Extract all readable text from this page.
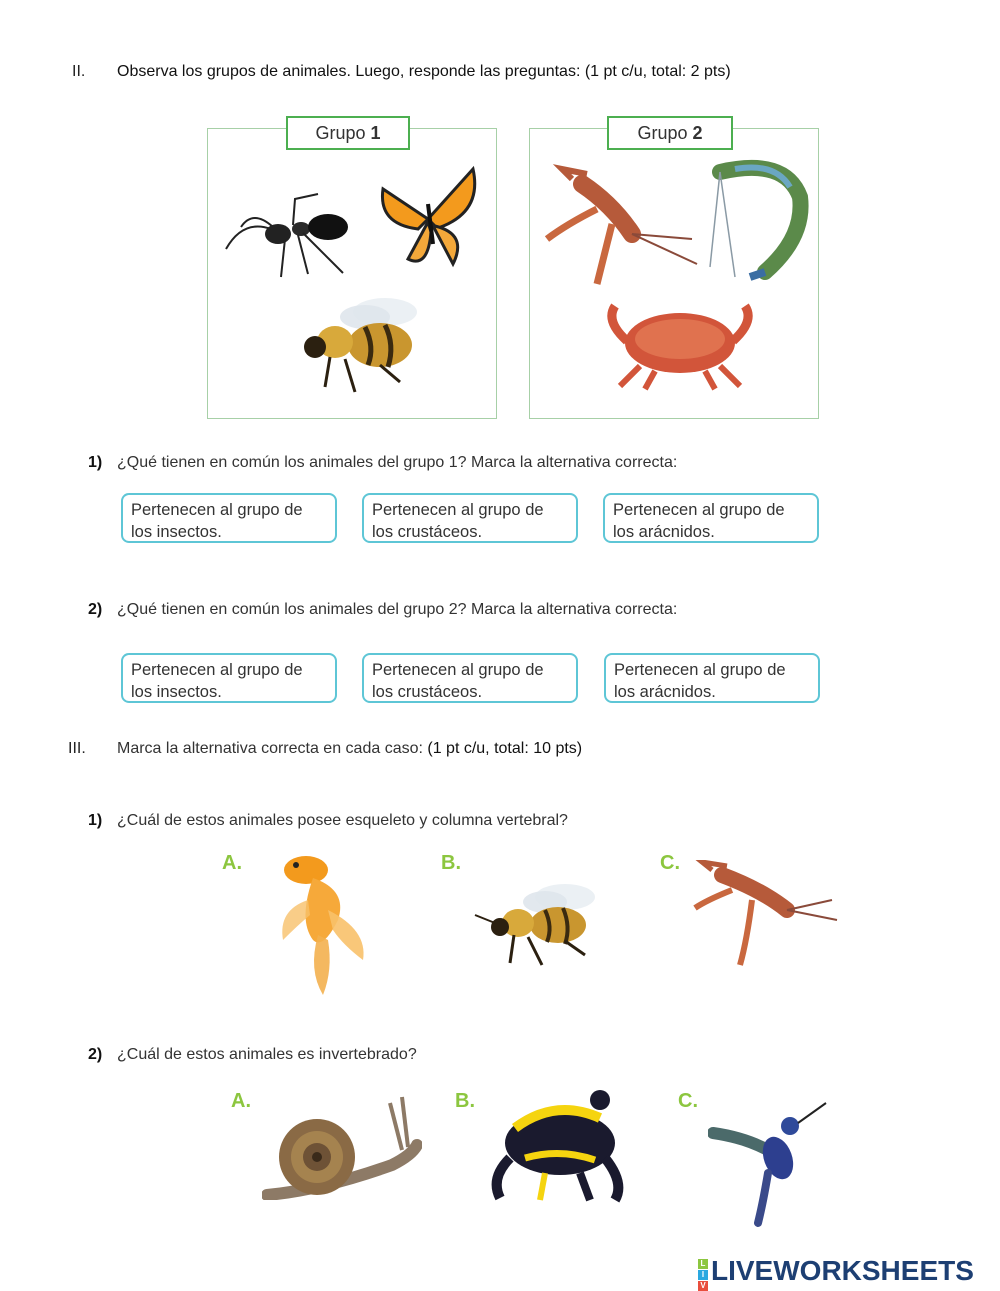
II. Observa los grupos de animales. Luego, responde las preguntas: (1 pt c/u, total: 2 pts)
Grupo 1	Grupo 2
1) ¿Qué tienen en común los animales del grupo 1? Marca la alternativa correcta:
Pertenecen al grupo de los insectos.
Pertenecen al grupo de los crustáceos.
Pertenecen al grupo de los arácnidos.
2) ¿Qué tienen en común los animales del grupo 2? Marca la alternativa correcta:
Pertenecen al grupo de los insectos.
Pertenecen al grupo de los crustáceos.
Pertenecen al grupo de los arácnidos.
III. Marca la alternativa correcta en cada caso: (1 pt c/u, total: 10 pts)
1) ¿Cuál de estos animales posee esqueleto y columna vertebral?
A.	B.	C.
2) ¿Cuál de estos animales es invertebrado?
A.	B.	C.
L
I
V LIVEWORKSHEETS
